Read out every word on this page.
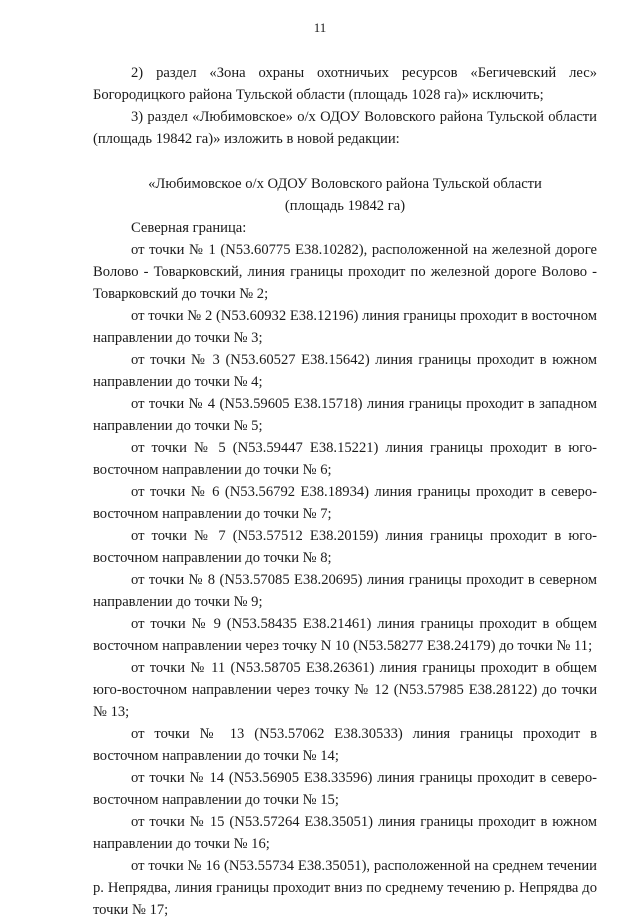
11

2) раздел «Зона охраны охотничьих ресурсов «Бегичевский лес» Богородицкого района Тульской области (площадь 1028 га)» исключить;

3) раздел «Любимовское» о/х ОДОУ Воловского района Тульской области (площадь 19842 га)» изложить в новой редакции:

«Любимовское о/х ОДОУ Воловского района Тульской области
(площадь 19842 га)

Северная граница:

от точки № 1 (N53.60775 E38.10282), расположенной на железной дороге Волово - Товарковский, линия границы проходит по железной дороге Волово - Товарковский до точки № 2;

от точки № 2 (N53.60932 E38.12196) линия границы проходит в восточном направлении до точки № 3;

от точки № 3 (N53.60527 E38.15642) линия границы проходит в южном направлении до точки № 4;

от точки № 4 (N53.59605 E38.15718) линия границы проходит в западном направлении до точки № 5;

от точки № 5 (N53.59447 E38.15221) линия границы проходит в юго-восточном направлении до точки № 6;

от точки № 6 (N53.56792 E38.18934) линия границы проходит в северо-восточном направлении до точки № 7;

от точки № 7 (N53.57512 E38.20159) линия границы проходит в юго-восточном направлении до точки № 8;

от точки № 8 (N53.57085 E38.20695) линия границы проходит в северном направлении до точки № 9;

от точки № 9 (N53.58435 E38.21461) линия границы проходит в общем восточном направлении через точку N 10 (N53.58277 E38.24179) до точки № 11;

от точки № 11 (N53.58705 E38.26361) линия границы проходит в общем юго-восточном направлении через точку № 12 (N53.57985 E38.28122) до точки № 13;

от точки № 13 (N53.57062 E38.30533) линия границы проходит в восточном направлении до точки № 14;

от точки № 14 (N53.56905 E38.33596) линия границы проходит в северо-восточном направлении до точки № 15;

от точки № 15 (N53.57264 E38.35051) линия границы проходит в южном направлении до точки № 16;

от точки № 16 (N53.55734 E38.35051), расположенной на среднем течении р. Непрядва, линия границы проходит вниз по среднему течению р. Непрядва до точки № 17;
